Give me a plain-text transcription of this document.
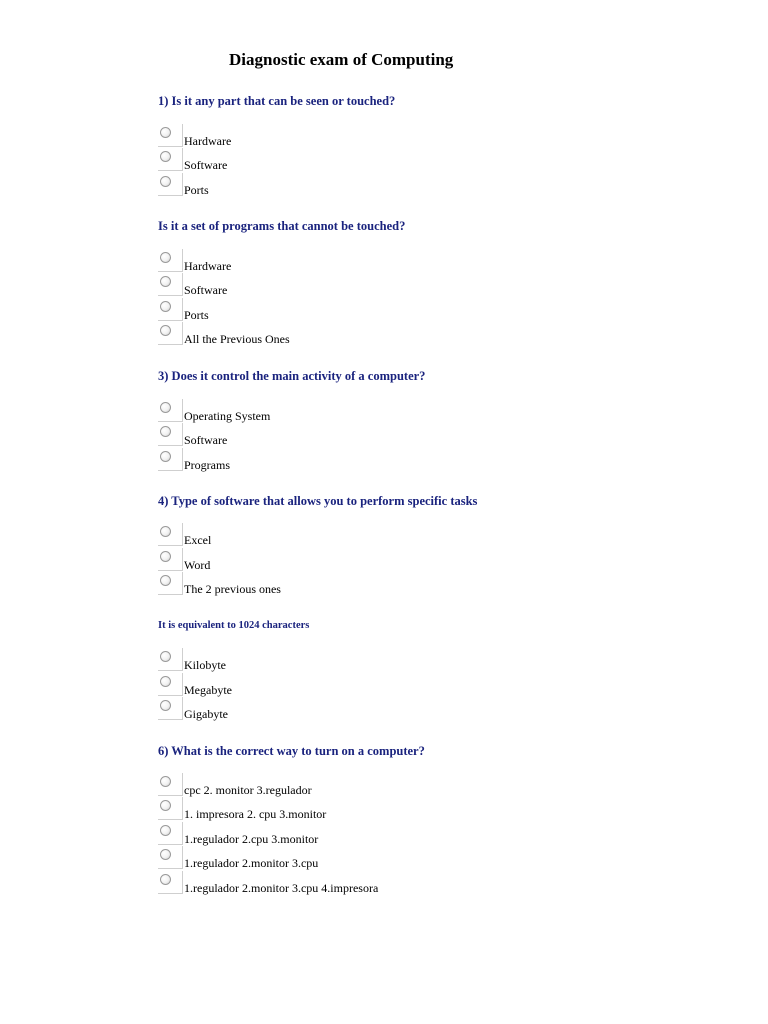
Diagnostic exam of Computing
1) Is it any part that can be seen or touched?
Hardware
Software
Ports
Is it a set of programs that cannot be touched?
Hardware
Software
Ports
All the Previous Ones
3) Does it control the main activity of a computer?
Operating System
Software
Programs
4) Type of software that allows you to perform specific tasks
Excel
Word
The 2 previous ones
It is equivalent to 1024 characters
Kilobyte
Megabyte
Gigabyte
6) What is the correct way to turn on a computer?
cpc 2. monitor 3.regulador
1. impresora 2. cpu 3.monitor
1.regulador 2.cpu 3.monitor
1.regulador 2.monitor 3.cpu
1.regulador 2.monitor 3.cpu 4.impresora
